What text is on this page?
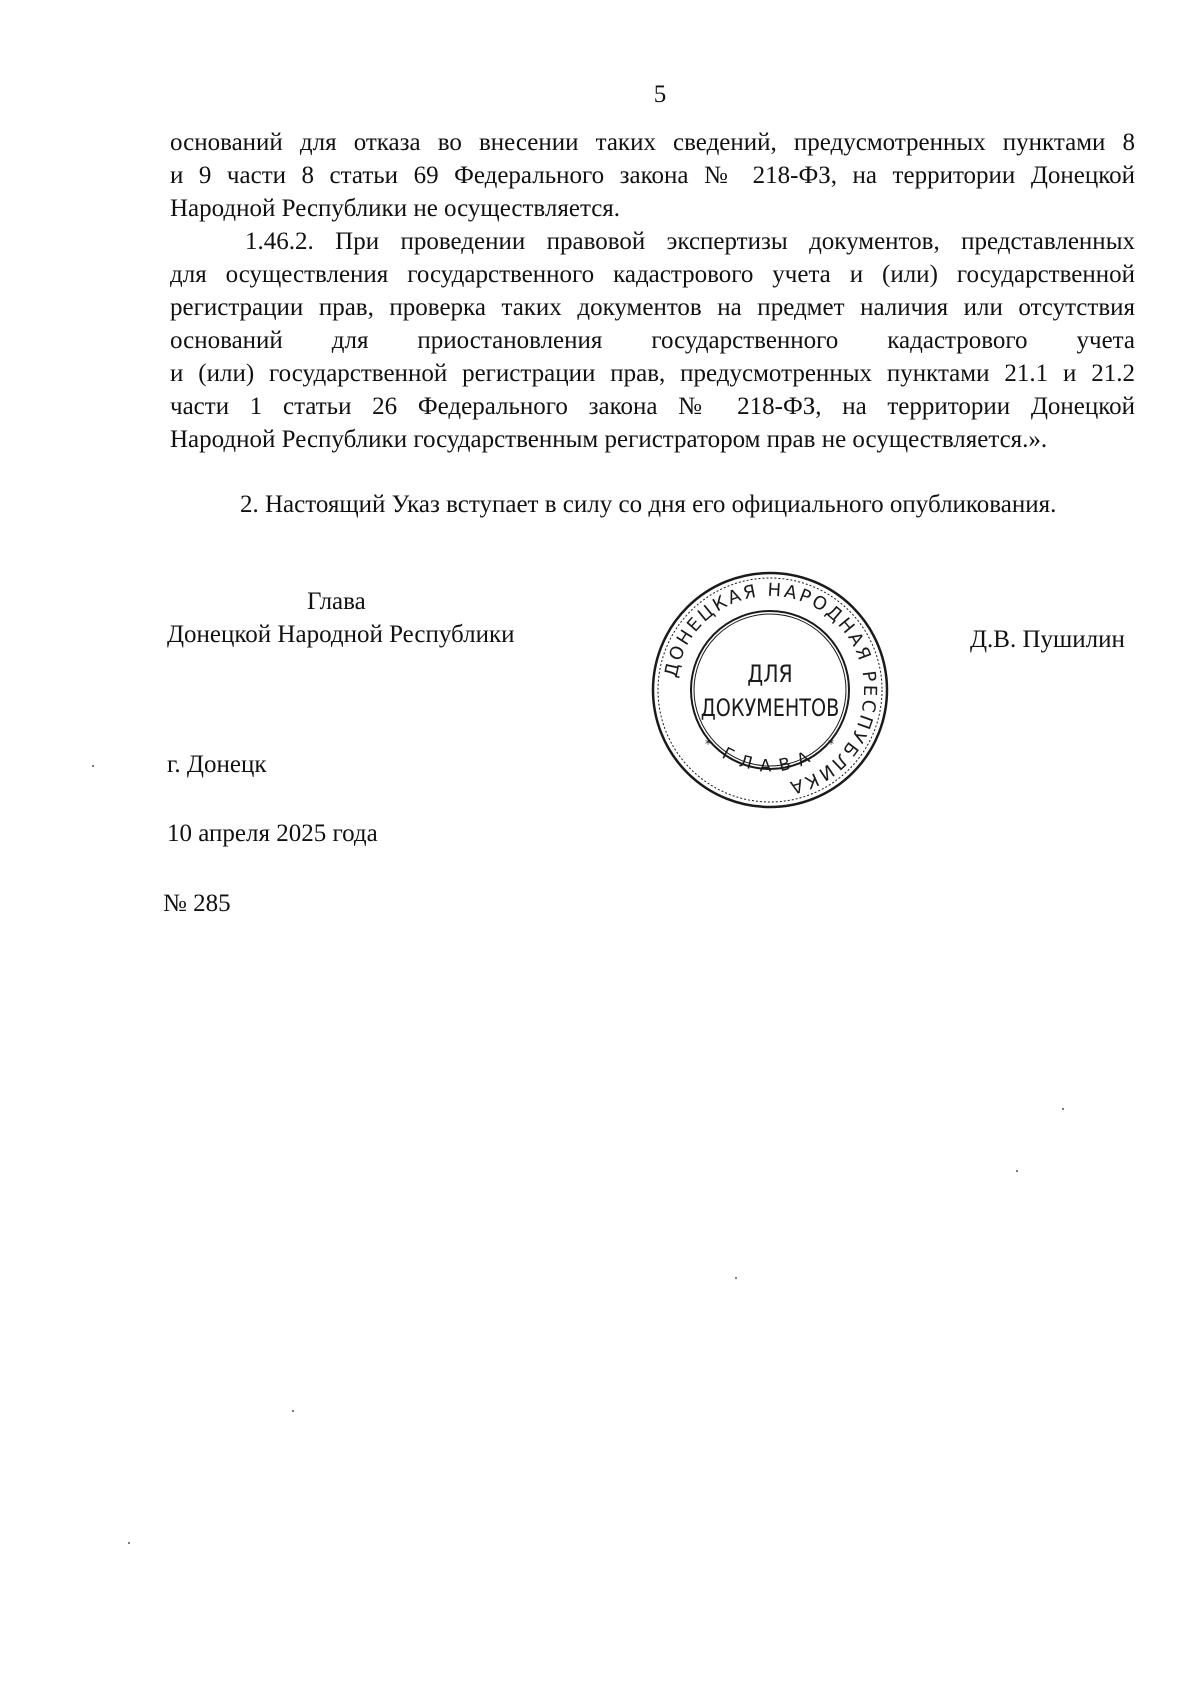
5
оснований для отказа во внесении таких сведений, предусмотренных пунктами 8
и 9 части 8 статьи 69 Федерального закона № 218-ФЗ, на территории Донецкой
Народной Республики не осуществляется.
1.46.2. При проведении правовой экспертизы документов, представленных
для осуществления государственного кадастрового учета и (или) государственной
регистрации прав, проверка таких документов на предмет наличия или отсутствия
оснований для приостановления государственного кадастрового учета
и (или) государственной регистрации прав, предусмотренных пунктами 21.1 и 21.2
части 1 статьи 26 Федерального закона № 218-ФЗ, на территории Донецкой
Народной Республики государственным регистратором прав не осуществляется.».
2. Настоящий Указ вступает в силу со дня его официального опубликования.
Глава
Донецкой Народной Республики
ДОНЕЦКАЯ НАРОДНАЯ РЕСПУБЛИКА
ГЛАВА
*	*
ДЛЯ
ДОКУМЕНТОВ
Д.В. Пушилин
г. Донецк
10 апреля 2025 года
№ 285
